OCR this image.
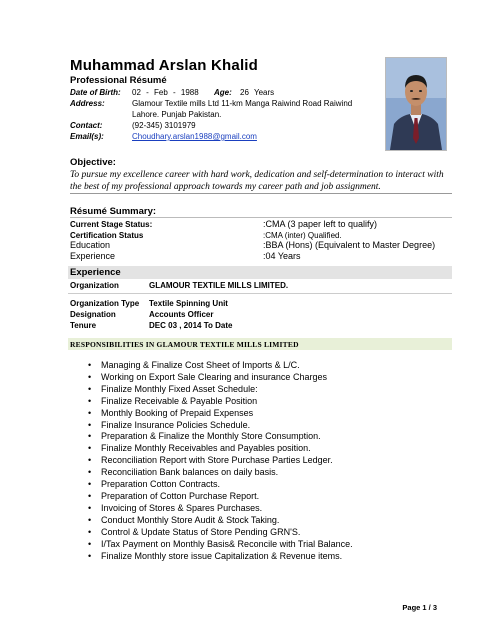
Muhammad Arslan Khalid
Professional Résumé
Date of Birth: 02 - Feb - 1988 Age: 26 Years
Address:	Glamour Textile mills Ltd 11-km Manga Raiwind Road Raiwind
Lahore. Punjab Pakistan.
Contact:	(92-345) 3101979
Email(s):	Choudhary.arslan1988@gmail.com
Objective:
To pursue my excellence career with hard work, dedication and self-determination to interact with the best of my professional approach towards my career path and job assignment.
Résumé Summary:
Current Stage Status:	:CMA (3 paper left to qualify)
Certification Status	:CMA (inter) Qualified.
Education	:BBA (Hons) (Equivalent to Master Degree)
Experience	:04 Years
Experience
Organization	GLAMOUR TEXTILE MILLS LIMITED.
Organization Type Textile Spinning Unit
Designation	Accounts Officer
Tenure	DEC 03 , 2014 To Date
RESPONSIBILITIES IN GLAMOUR TEXTILE MILLS LIMITED
• Managing & Finalize Cost Sheet of Imports & L/C.
• Working on Export Sale Clearing and insurance Charges
• Finalize Monthly Fixed Asset Schedule:
• Finalize Receivable & Payable Position
• Monthly Booking of Prepaid Expenses
• Finalize Insurance Policies Schedule.
• Preparation & Finalize the Monthly Store Consumption.
• Finalize Monthly Receivables and Payables position.
• Reconciliation Report with Store Purchase Parties Ledger.
• Reconciliation Bank balances on daily basis.
• Preparation Cotton Contracts.
• Preparation of Cotton Purchase Report.
• Invoicing of Stores & Spares Purchases.
• Conduct Monthly Store Audit & Stock Taking.
• Control & Update Status of Store Pending GRN'S.
• I/Tax Payment on Monthly Basis& Reconcile with Trial Balance.
• Finalize Monthly store issue Capitalization & Revenue items.
Page 1 / 3
